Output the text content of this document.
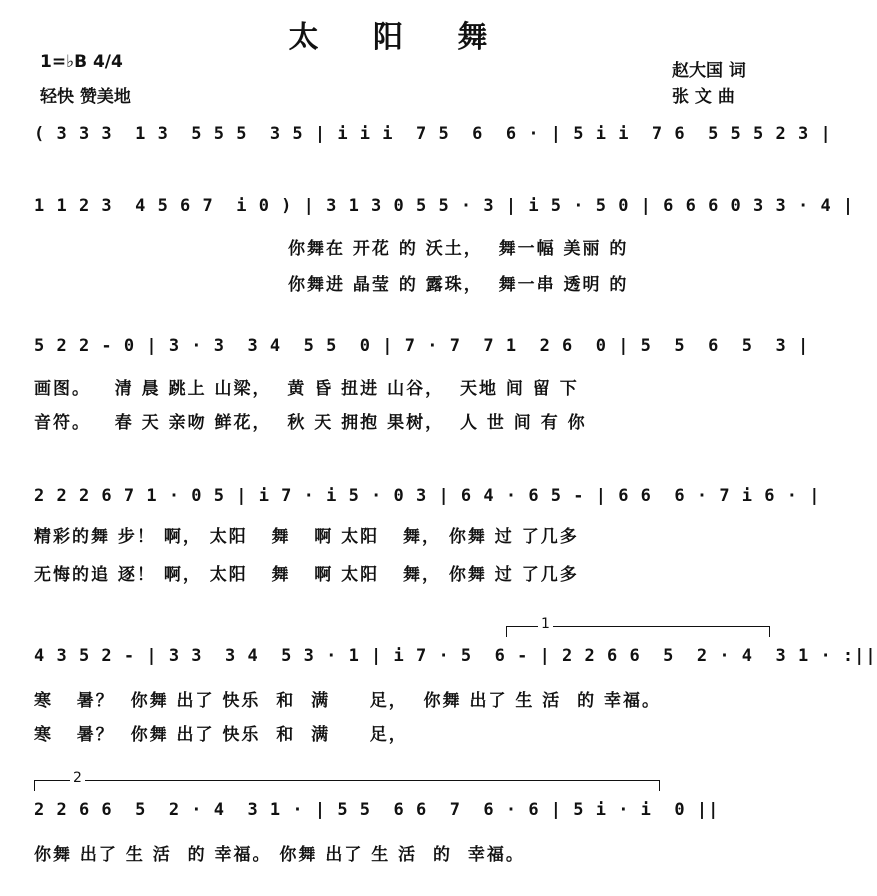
太 阳 舞
1=♭B 4/4
轻快 赞美地
赵大国 词
张 文 曲
( 3 3 3  1 3  5 5 5  3 5 | i i i  7 5  6  6 · | 5 i i  7 6  5 5 5 2 3 |
1 1 2 3  4 5 6 7  i 0 ) | 3 1 3 0 5 5 · 3 | i 5 · 5 0 | 6 6 6 0 3 3 · 4 |
你舞在 开花 的 沃土，  舞一幅 美丽 的
你舞进 晶莹 的 露珠，  舞一串 透明 的
5 2 2 - 0 | 3 · 3  3 4  5 5  0 | 7 · 7  7 1  2 6  0 | 5  5  6  5  3 |
画图。   清 晨 跳上 山梁，  黄 昏 扭进 山谷，  天地 间 留 下
音符。   春 天 亲吻 鲜花，  秋 天 拥抱 果树，  人 世 间 有 你
2 2 2 6 7 1 · 0 5 | i 7 · i 5 · 0 3 | 6 4 · 6 5 - | 6 6  6 · 7 i 6 · |
精彩的舞 步！ 啊， 太阳   舞   啊 太阳   舞， 你舞 过 了几多
无悔的追 逐！ 啊， 太阳   舞   啊 太阳   舞， 你舞 过 了几多
1
4 3 5 2 - | 3 3  3 4  5 3 · 1 | i 7 · 5  6 - | 2 2 6 6  5  2 · 4  3 1 · :||
寒   暑？  你舞 出了 快乐  和  满     足，  你舞 出了 生 活  的 幸福。
寒   暑？  你舞 出了 快乐  和  满     足，
2
2 2 6 6  5  2 · 4  3 1 · | 5 5  6 6  7  6 · 6 | 5 i · i  0 ||
你舞 出了 生 活  的 幸福。 你舞 出了 生 活  的  幸福。
